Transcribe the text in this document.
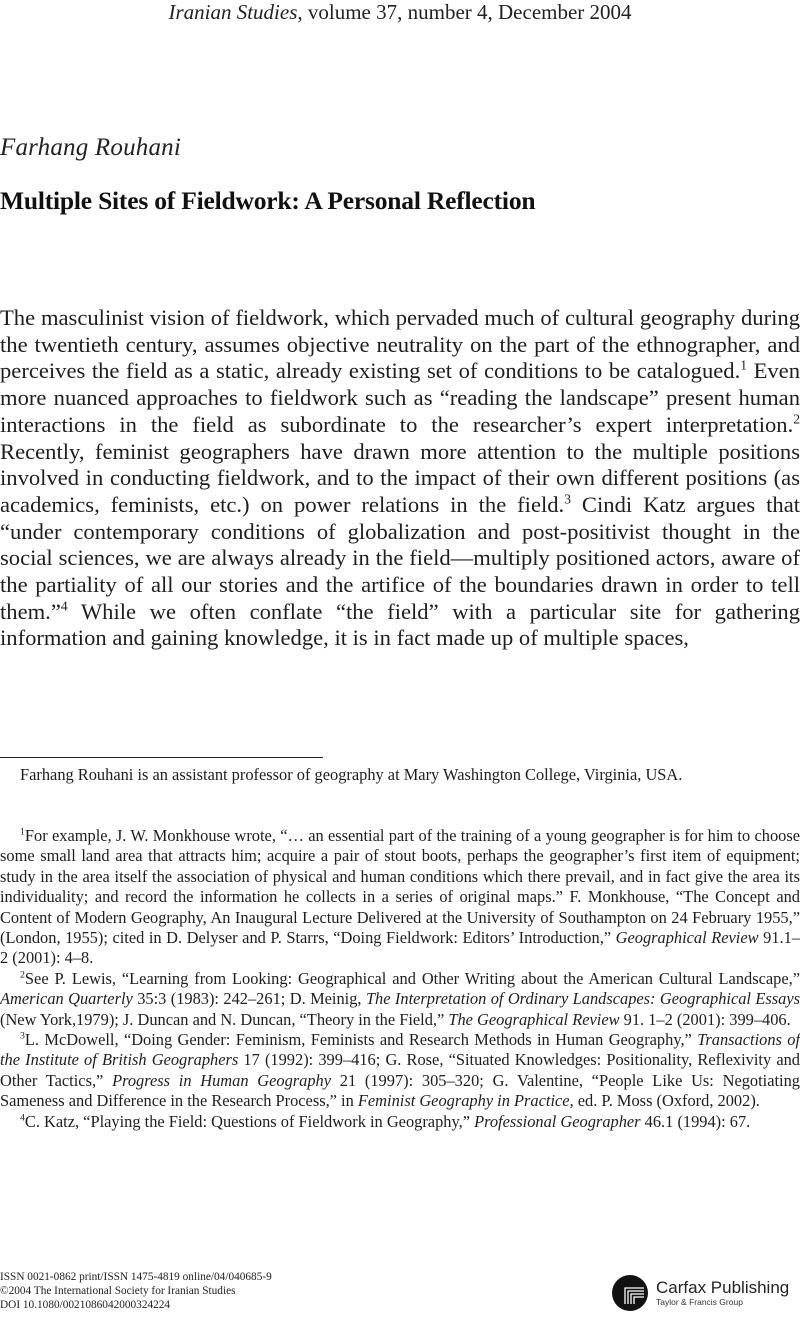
Iranian Studies, volume 37, number 4, December 2004
Farhang Rouhani
Multiple Sites of Fieldwork: A Personal Reflection

The masculinist vision of fieldwork, which pervaded much of cultural geography during the twentieth century, assumes objective neutrality on the part of the ethnographer, and perceives the field as a static, already existing set of conditions to be catalogued.$^1$ Even more nuanced approaches to fieldwork such as “reading the landscape” present human interactions in the field as subordinate to the researcher’s expert interpretation.$^2$ Recently, feminist geographers have drawn more attention to the multiple positions involved in conducting fieldwork, and to the impact of their own different positions (as academics, feminists, etc.) on power relations in the field.$^3$ Cindi Katz argues that “under contemporary conditions of globalization and post-positivist thought in the social sciences, we are always already in the field—multiply positioned actors, aware of the partiality of all our stories and the artifice of the boundaries drawn in order to tell them.”$^4$ While we often conflate “the field” with a particular site for gathering information and gaining knowledge, it is in fact made up of multiple spaces,

Farhang Rouhani is an assistant professor of geography at Mary Washington College, Virginia, USA.

$^1$For example, J. W. Monkhouse wrote, “… an essential part of the training of a young geographer is for him to choose some small land area that attracts him; acquire a pair of stout boots, perhaps the geographer’s first item of equipment; study in the area itself the association of physical and human conditions which there prevail, and in fact give the area its individuality; and record the information he collects in a series of original maps.” F. Monkhouse, “The Concept and Content of Modern Geography, An Inaugural Lecture Delivered at the University of Southampton on 24 February 1955,” (London, 1955); cited in D. Delyser and P. Starrs, “Doing Fieldwork: Editors’ Introduction,” Geographical Review 91.1–2 (2001): 4–8.

$^2$See P. Lewis, “Learning from Looking: Geographical and Other Writing about the American Cultural Landscape,” American Quarterly 35:3 (1983): 242–261; D. Meinig, The Interpretation of Ordinary Landscapes: Geographical Essays (New York,1979); J. Duncan and N. Duncan, “Theory in the Field,” The Geographical Review 91. 1–2 (2001): 399–406.

$^3$L. McDowell, “Doing Gender: Feminism, Feminists and Research Methods in Human Geography,” Transactions of the Institute of British Geographers 17 (1992): 399–416; G. Rose, “Situated Knowledges: Positionality, Reflexivity and Other Tactics,” Progress in Human Geography 21 (1997): 305–320; G. Valentine, “People Like Us: Negotiating Sameness and Difference in the Research Process,” in Feminist Geography in Practice, ed. P. Moss (Oxford, 2002).

$^4$C. Katz, “Playing the Field: Questions of Fieldwork in Geography,” Professional Geographer 46.1 (1994): 67.

ISSN 0021-0862 print/ISSN 1475-4819 online/04/040685-9
©2004 The International Society for Iranian Studies
DOI 10.1080/0021086042000324224
Carfax Publishing
Taylor & Francis Group
